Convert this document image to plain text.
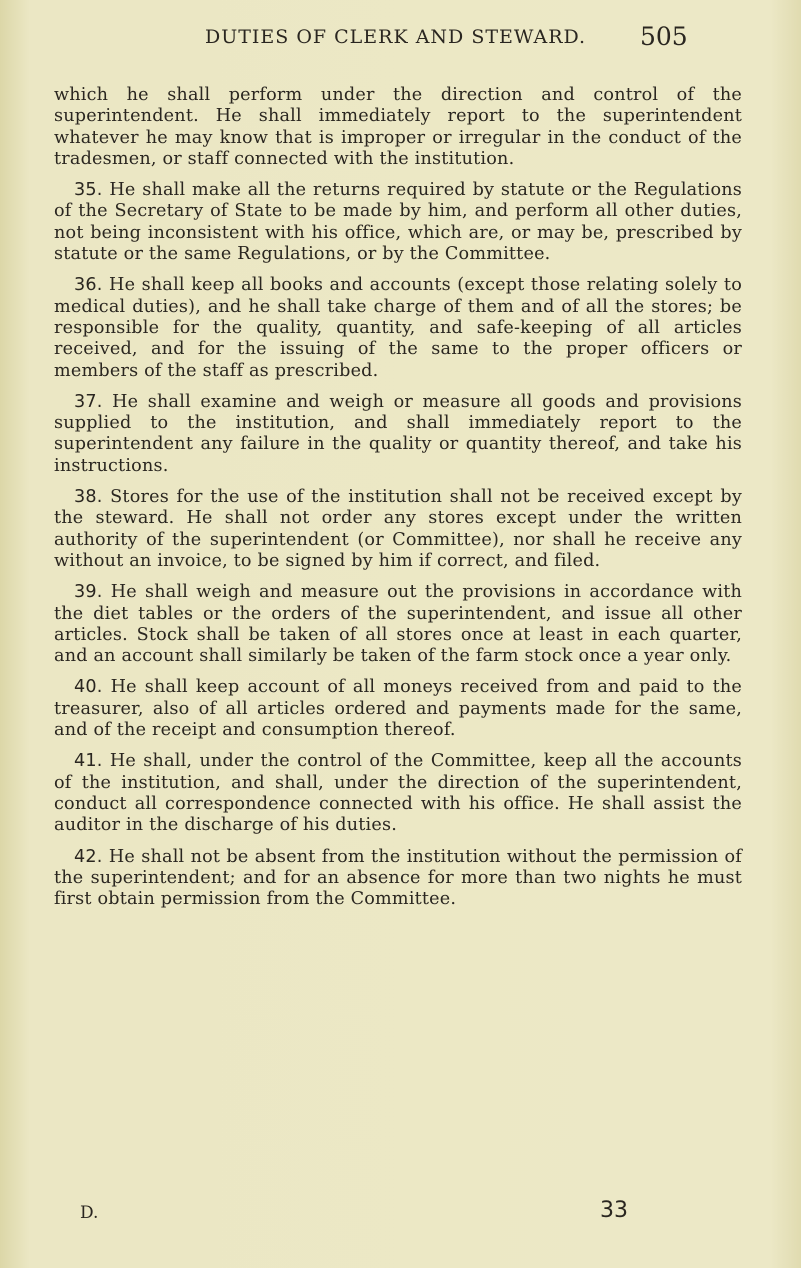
DUTIES OF CLERK AND STEWARD. 505

which he shall perform under the direction and control of the superintendent. He shall immediately report to the superintendent whatever he may know that is improper or irregular in the conduct of the tradesmen, or staff connected with the institution.

35. He shall make all the returns required by statute or the Regulations of the Secretary of State to be made by him, and perform all other duties, not being inconsistent with his office, which are, or may be, prescribed by statute or the same Regulations, or by the Committee.

36. He shall keep all books and accounts (except those relating solely to medical duties), and he shall take charge of them and of all the stores; be responsible for the quality, quantity, and safe-keeping of all articles received, and for the issuing of the same to the proper officers or members of the staff as prescribed.

37. He shall examine and weigh or measure all goods and provisions supplied to the institution, and shall immediately report to the superintendent any failure in the quality or quantity thereof, and take his instructions.

38. Stores for the use of the institution shall not be received except by the steward. He shall not order any stores except under the written authority of the superintendent (or Committee), nor shall he receive any without an invoice, to be signed by him if correct, and filed.

39. He shall weigh and measure out the provisions in accordance with the diet tables or the orders of the superintendent, and issue all other articles. Stock shall be taken of all stores once at least in each quarter, and an account shall similarly be taken of the farm stock once a year only.

40. He shall keep account of all moneys received from and paid to the treasurer, also of all articles ordered and payments made for the same, and of the receipt and consumption thereof.

41. He shall, under the control of the Committee, keep all the accounts of the institution, and shall, under the direction of the superintendent, conduct all correspondence connected with his office. He shall assist the auditor in the discharge of his duties.

42. He shall not be absent from the institution without the permission of the superintendent; and for an absence for more than two nights he must first obtain permission from the Committee.

D.	33
